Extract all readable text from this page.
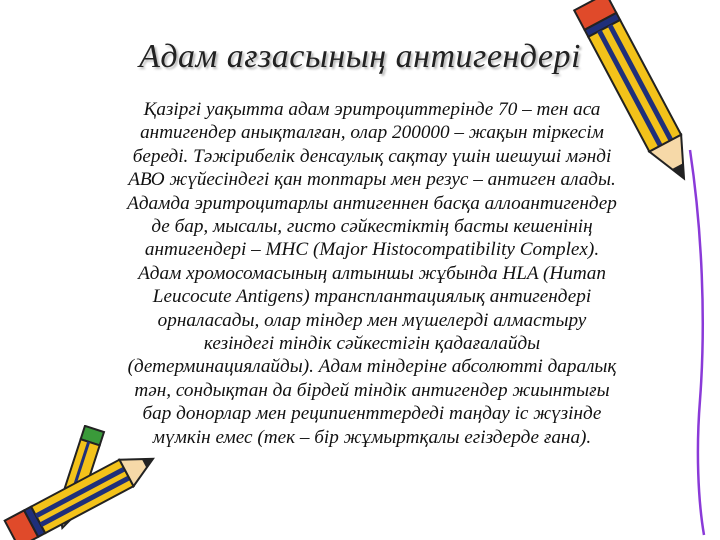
Адам ағзасының антигендері
Қазіргі уақытта адам эритроциттерінде 70 – тен аса
антигендер анықталған, олар 200000 – жақын тіркесім
береді. Тәжірибелік денсаулық сақтау үшін шешуші мәнді
АВО жүйесіндегі қан топтары мен резус – антиген алады.
Адамда эритроцитарлы антигеннен басқа аллоантигендер
де бар, мысалы, гисто сәйкестіктің басты кешенінің
антигендері – МНС (Major Histocompatibility Complex).
Адам хромосомасының алтыншы жұбында HLA (Human
Leucocute Antigens) трансплантациялық антигендері
орналасады, олар тіндер мен мүшелерді алмастыру
кезіндегі тіндік сәйкестігін қадағалайды
(детерминациялайды). Адам тіндеріне абсолютті даралық
тән, сондықтан да бірдей тіндік антигендер жиынтығы
бар донорлар мен реципиенттердеді таңдау іс жүзінде
мүмкін емес (тек – бір жұмыртқалы егіздерде ғана).
